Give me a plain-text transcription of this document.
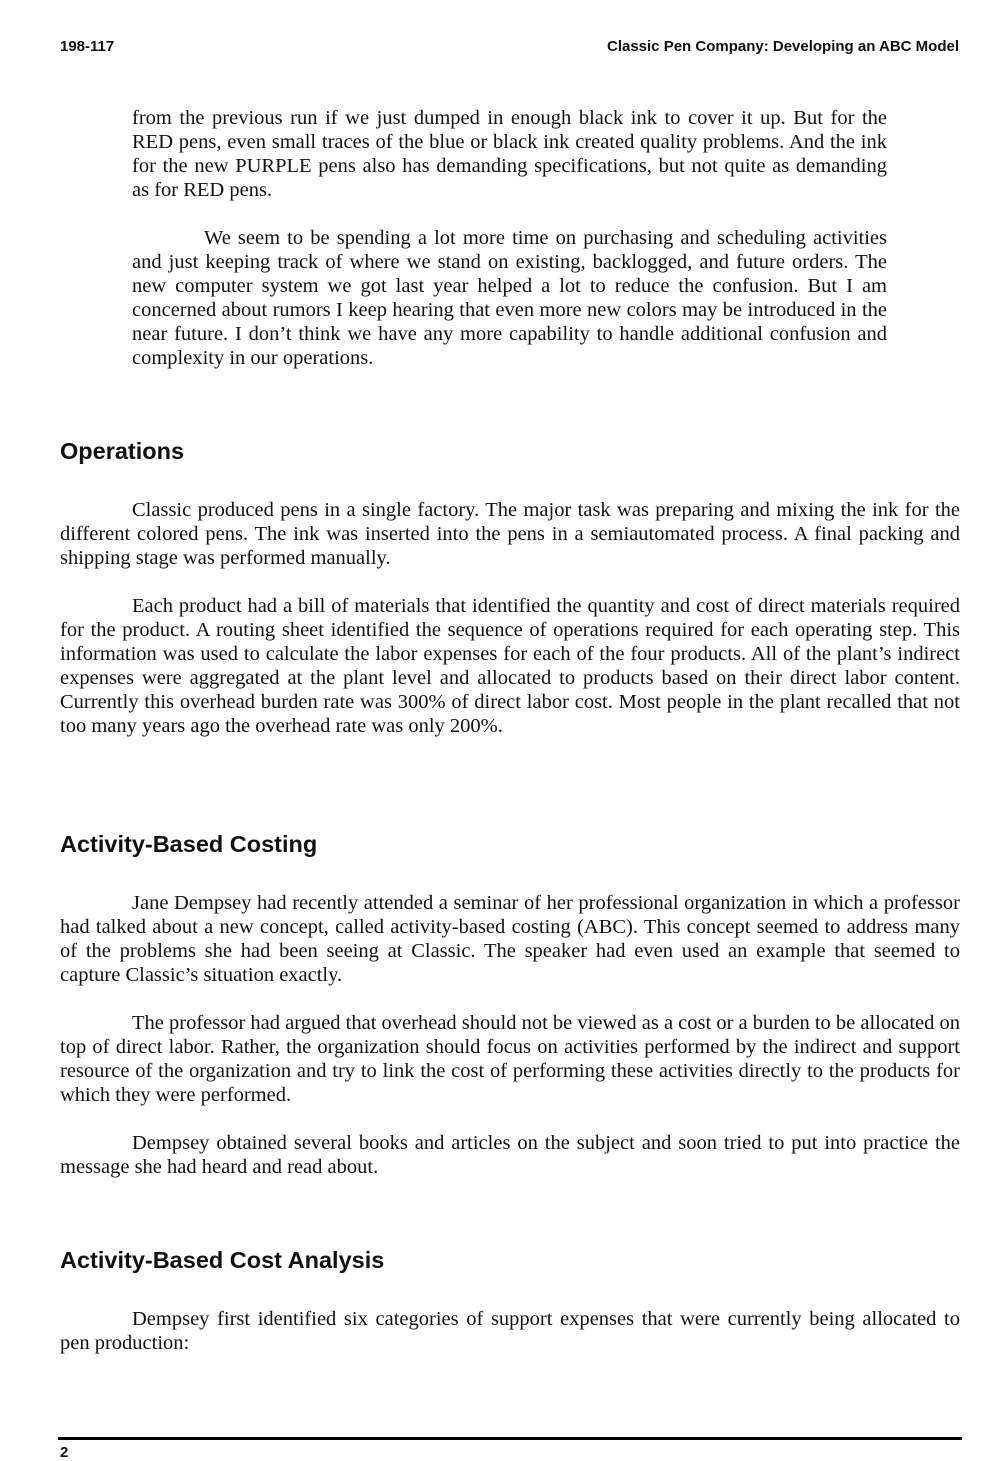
198-117	Classic Pen Company: Developing an ABC Model

from the previous run if we just dumped in enough black ink to cover it up. But for the RED pens, even small traces of the blue or black ink created quality problems. And the ink for the new PURPLE pens also has demanding specifications, but not quite as demanding as for RED pens.

We seem to be spending a lot more time on purchasing and scheduling activities and just keeping track of where we stand on existing, backlogged, and future orders. The new computer system we got last year helped a lot to reduce the confusion. But I am concerned about rumors I keep hearing that even more new colors may be introduced in the near future. I don’t think we have any more capability to handle additional confusion and complexity in our operations.

Operations

Classic produced pens in a single factory. The major task was preparing and mixing the ink for the different colored pens. The ink was inserted into the pens in a semiautomated process. A final packing and shipping stage was performed manually.

Each product had a bill of materials that identified the quantity and cost of direct materials required for the product. A routing sheet identified the sequence of operations required for each operating step. This information was used to calculate the labor expenses for each of the four products. All of the plant’s indirect expenses were aggregated at the plant level and allocated to products based on their direct labor content. Currently this overhead burden rate was 300% of direct labor cost. Most people in the plant recalled that not too many years ago the overhead rate was only 200%.

Activity-Based Costing

Jane Dempsey had recently attended a seminar of her professional organization in which a professor had talked about a new concept, called activity-based costing (ABC). This concept seemed to address many of the problems she had been seeing at Classic. The speaker had even used an example that seemed to capture Classic’s situation exactly.

The professor had argued that overhead should not be viewed as a cost or a burden to be allocated on top of direct labor. Rather, the organization should focus on activities performed by the indirect and support resource of the organization and try to link the cost of performing these activities directly to the products for which they were performed.

Dempsey obtained several books and articles on the subject and soon tried to put into practice the message she had heard and read about.

Activity-Based Cost Analysis

Dempsey first identified six categories of support expenses that were currently being allocated to pen production:

2
